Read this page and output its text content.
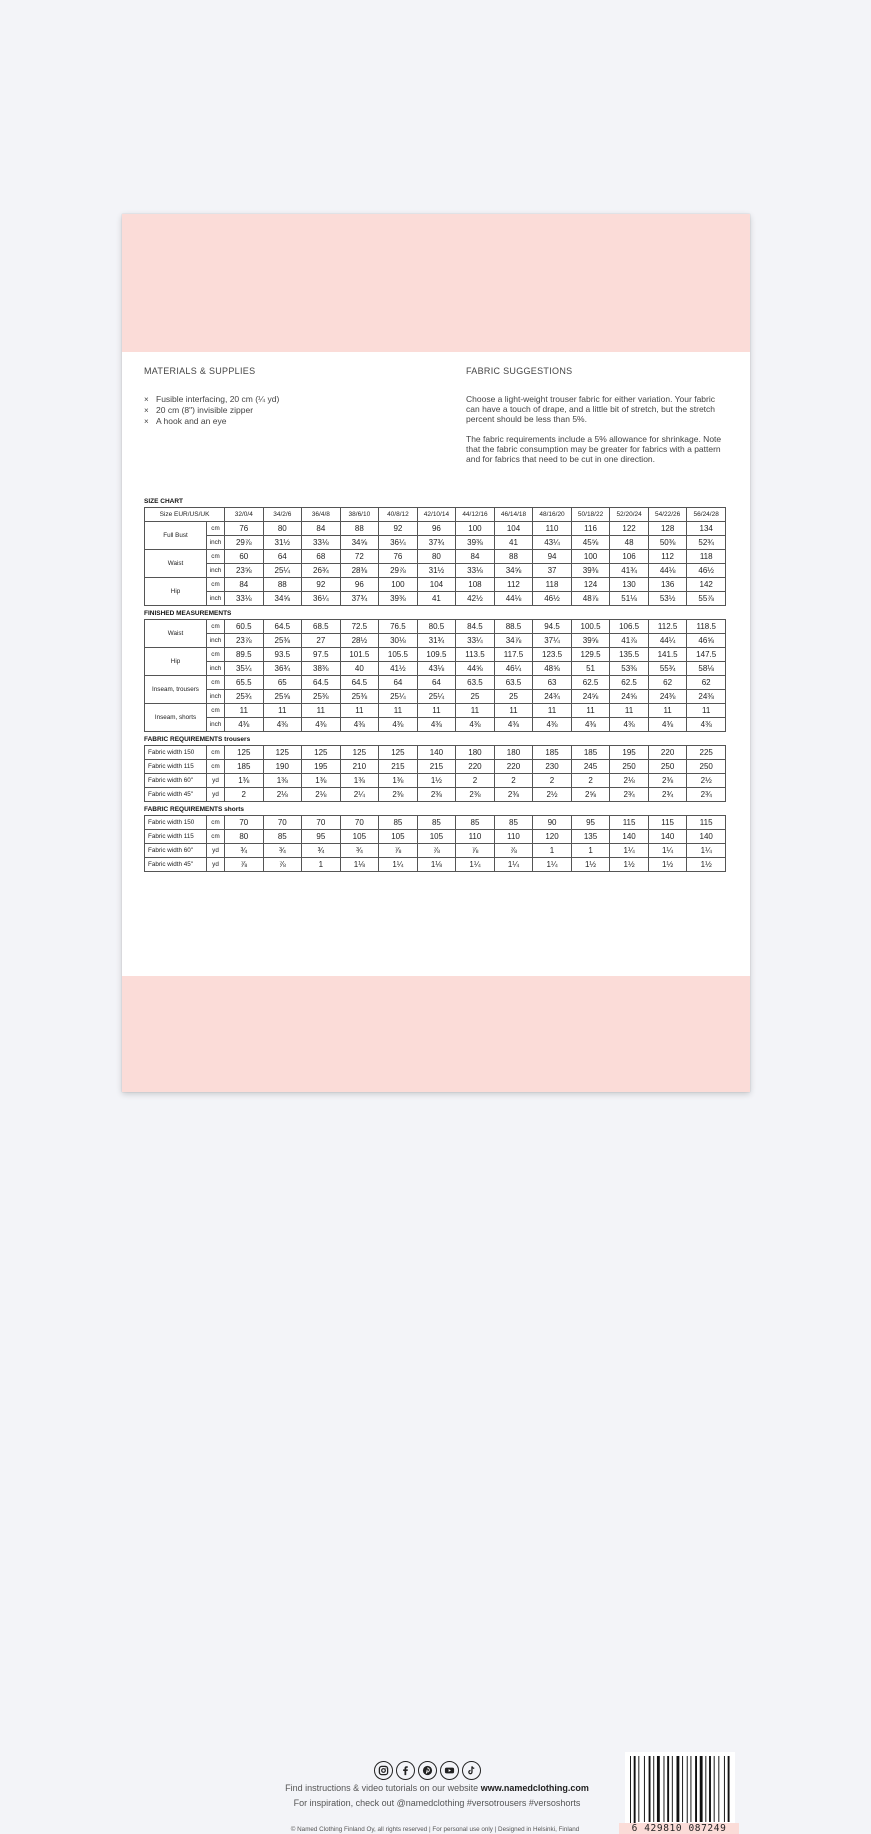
MATERIALS & SUPPLIES
× Fusible interfacing, 20 cm (¼ yd)
× 20 cm (8") invisible zipper
× A hook and an eye
FABRIC SUGGESTIONS

Choose a light-weight trouser fabric for either variation. Your fabric can have a touch of drape, and a little bit of stretch, but the stretch percent should be less than 5%.

The fabric requirements include a 5% allowance for shrinkage. Note that the fabric consumption may be greater for fabrics with a pattern and for fabrics that need to be cut in one direction.

SIZE CHART
Size EUR/US/UK		32/0/4	34/2/6	36/4/8	38/6/10	40/8/12	42/10/14	44/12/16	46/14/18	48/16/20	50/18/22	52/20/24	54/22/26	56/24/28
Full Bust	cm	76	80	84	88	92	96	100	104	110	116	122	128	134
	inch	29⅞	31½	33⅛	34⅝	36¼	37¾	39⅜	41	43¼	45⅝	48	50⅜	52¾
Waist	cm	60	64	68	72	76	80	84	88	94	100	106	112	118
	inch	23⅝	25¼	26¾	28⅜	29⅞	31½	33⅛	34⅝	37	39⅜	41¾	44⅛	46½
Hip	cm	84	88	92	96	100	104	108	112	118	124	130	136	142
	inch	33⅛	34⅝	36¼	37¾	39⅜	41	42½	44⅛	46½	48⅞	51⅛	53½	55⅞
FINISHED MEASUREMENTS
Waist	cm	60.5	64.5	68.5	72.5	76.5	80.5	84.5	88.5	94.5	100.5	106.5	112.5	118.5
	inch	23⅞	25⅜	27	28½	30⅛	31¾	33¼	34⅞	37¼	39⅝	41⅞	44¼	46⅝
Hip	cm	89.5	93.5	97.5	101.5	105.5	109.5	113.5	117.5	123.5	129.5	135.5	141.5	147.5
	inch	35¼	36¾	38⅜	40	41½	43⅛	44⅝	46¼	48⅝	51	53⅜	55¾	58⅛
Inseam, trousers	cm	65.5	65	64.5	64.5	64	64	63.5	63.5	63	62.5	62.5	62	62
	inch	25¾	25⅝	25⅜	25⅜	25¼	25¼	25	25	24¾	24⅝	24⅝	24⅜	24⅜
Inseam, shorts	cm	11	11	11	11	11	11	11	11	11	11	11	11	11
	inch	4⅜	4⅜	4⅜	4⅜	4⅜	4⅜	4⅜	4⅜	4⅜	4⅜	4⅜	4⅜	4⅜
FABRIC REQUIREMENTS trousers
Fabric width 150	cm	125	125	125	125	125	140	180	180	185	185	195	220	225
Fabric width 115	cm	185	190	195	210	215	215	220	220	230	245	250	250	250
Fabric width 60"	yd	1⅜	1⅜	1⅜	1⅜	1⅜	1½	2	2	2	2	2⅛	2⅜	2½
Fabric width 45"	yd	2	2⅛	2⅛	2¼	2⅜	2⅜	2⅜	2⅜	2½	2⅝	2¾	2¾	2¾
FABRIC REQUIREMENTS shorts
Fabric width 150	cm	70	70	70	70	85	85	85	85	90	95	115	115	115
Fabric width 115	cm	80	85	95	105	105	105	110	110	120	135	140	140	140
Fabric width 60"	yd	¾	¾	¾	¾	⅞	⅞	⅞	⅞	1	1	1¼	1¼	1¼
Fabric width 45"	yd	⅞	⅞	1	1⅛	1¼	1⅛	1¼	1¼	1¼	1½	1½	1½	1½
Find instructions & video tutorials on our website www.namedclothing.com
For inspiration, check out @namedclothing #versotrousers #versoshorts
© Named Clothing Finland Oy, all rights reserved | For personal use only | Designed in Helsinki, Finland	6 429810 087249
